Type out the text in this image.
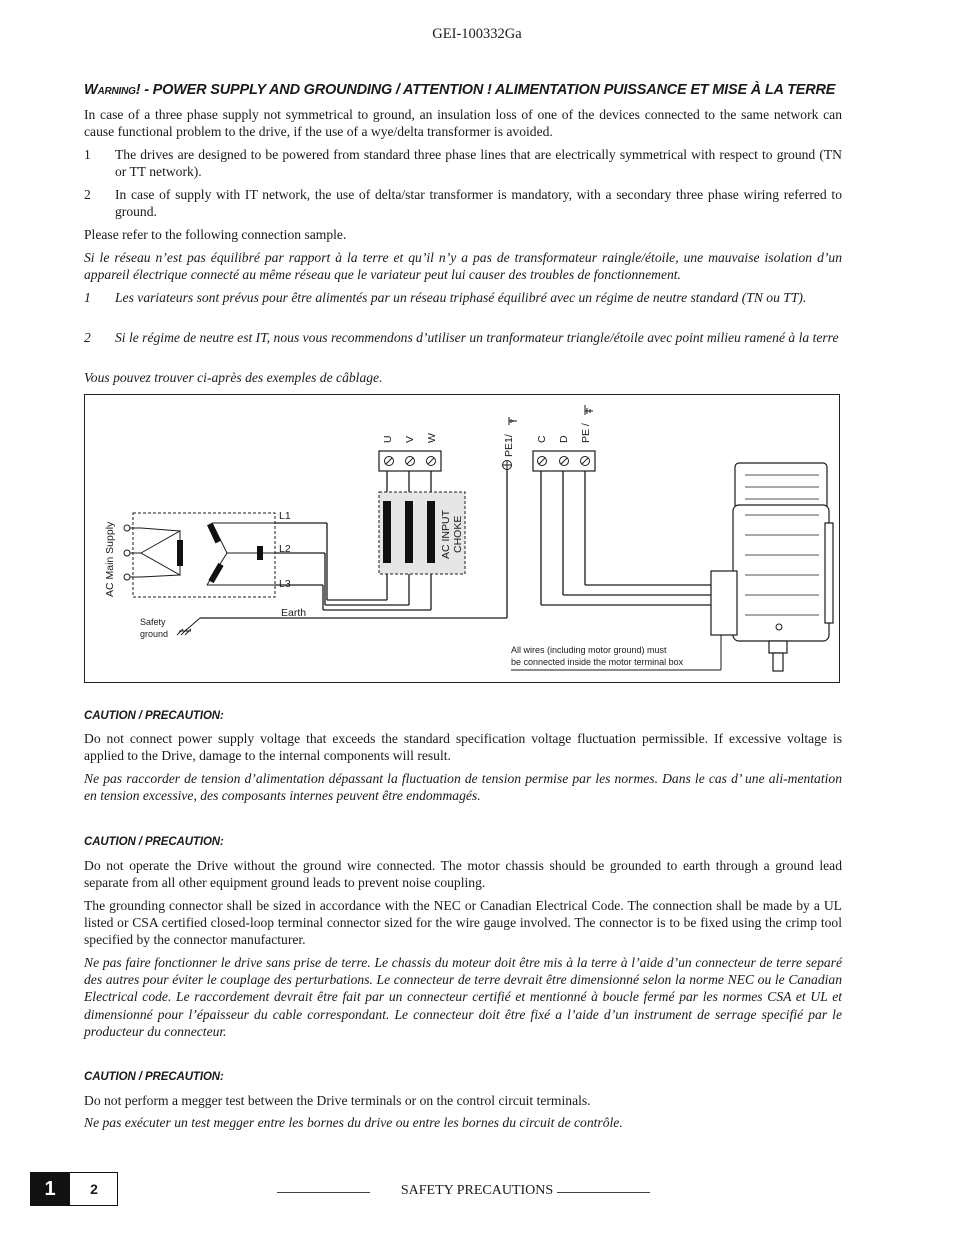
GEI-100332Ga
Warning! - POWER SUPPLY AND GROUNDING / ATTENTION ! ALIMENTATION PUISSANCE ET MISE À LA TERRE
In case of a three phase supply not symmetrical to ground, an insulation loss of one of the devices connected to the same network can cause functional problem to the drive, if the use of a wye/delta transformer is avoided.
1 The drives are designed to be powered from standard three phase lines that are electrically symmetrical with respect to ground (TN or TT network).
2 In case of supply with IT network, the use of delta/star transformer is mandatory, with a secondary three phase wiring referred to ground.
Please refer to the following connection sample.
Si le réseau n’est pas équilibré par rapport à la terre et qu’il n’y a pas de transformateur raingle/étoile, une mauvaise isolation d’un appareil électrique connecté au même réseau que le variateur peut lui causer des troubles de fonctionnement.
1 Les variateurs sont prévus pour être alimentés par un réseau triphasé équilibré avec un régime de neutre standard (TN ou TT).
2 Si le régime de neutre est IT, nous vous recommendons d’utiliser un tranformateur triangle/étoile avec point milieu ramené à la terre
Vous pouvez trouver ci-après des exemples de câblage.
AC Main Supply
L1
L2
L3
Earth
Safety
ground
U V W	PE1/ C D PE /
AC INPUT CHOKE
All wires (including motor ground) must
be connected inside the motor terminal box
CAUTION / PRECAUTION:
Do not connect power supply voltage that exceeds the standard specification voltage fluctuation permissible. If excessive voltage is applied to the Drive, damage to the internal components will result.
Ne pas raccorder de tension d’alimentation dépassant la fluctuation de tension permise par les normes. Dans le cas d’ une ali-mentation en tension excessive, des composants internes peuvent être endommagés.
CAUTION / PRECAUTION:
Do not operate the Drive without the ground wire connected. The motor chassis should be grounded to earth through a ground lead separate from all other equipment ground leads to prevent noise coupling.
The grounding connector shall be sized in accordance with the NEC or Canadian Electrical Code. The connection shall be made by a UL listed or CSA certified closed-loop terminal connector sized for the wire gauge involved. The connector is to be fixed using the crimp tool specified by the connector manufacturer.
Ne pas faire fonctionner le drive sans prise de terre. Le chassis du moteur doit être mis à la terre à l’aide d’un connecteur de terre separé des autres pour éviter le couplage des perturbations. Le connecteur de terre devrait être dimensionné selon la norme NEC ou le Canadian Electrical code. Le raccordement devrait être fait par un connecteur certifié et mentionné à boucle fermé par les normes CSA et UL et dimensionné pour l’épaisseur du cable correspondant. Le connecteur doit être fixé a l’aide d’un instrument de serrage specifié par le producteur du connecteur.
CAUTION / PRECAUTION:
Do not perform a megger test between the Drive terminals or on the control circuit terminals.
Ne pas exécuter un test megger entre les bornes du drive ou entre les bornes du circuit de contrôle.
1	2	SAFETY PRECAUTIONS
